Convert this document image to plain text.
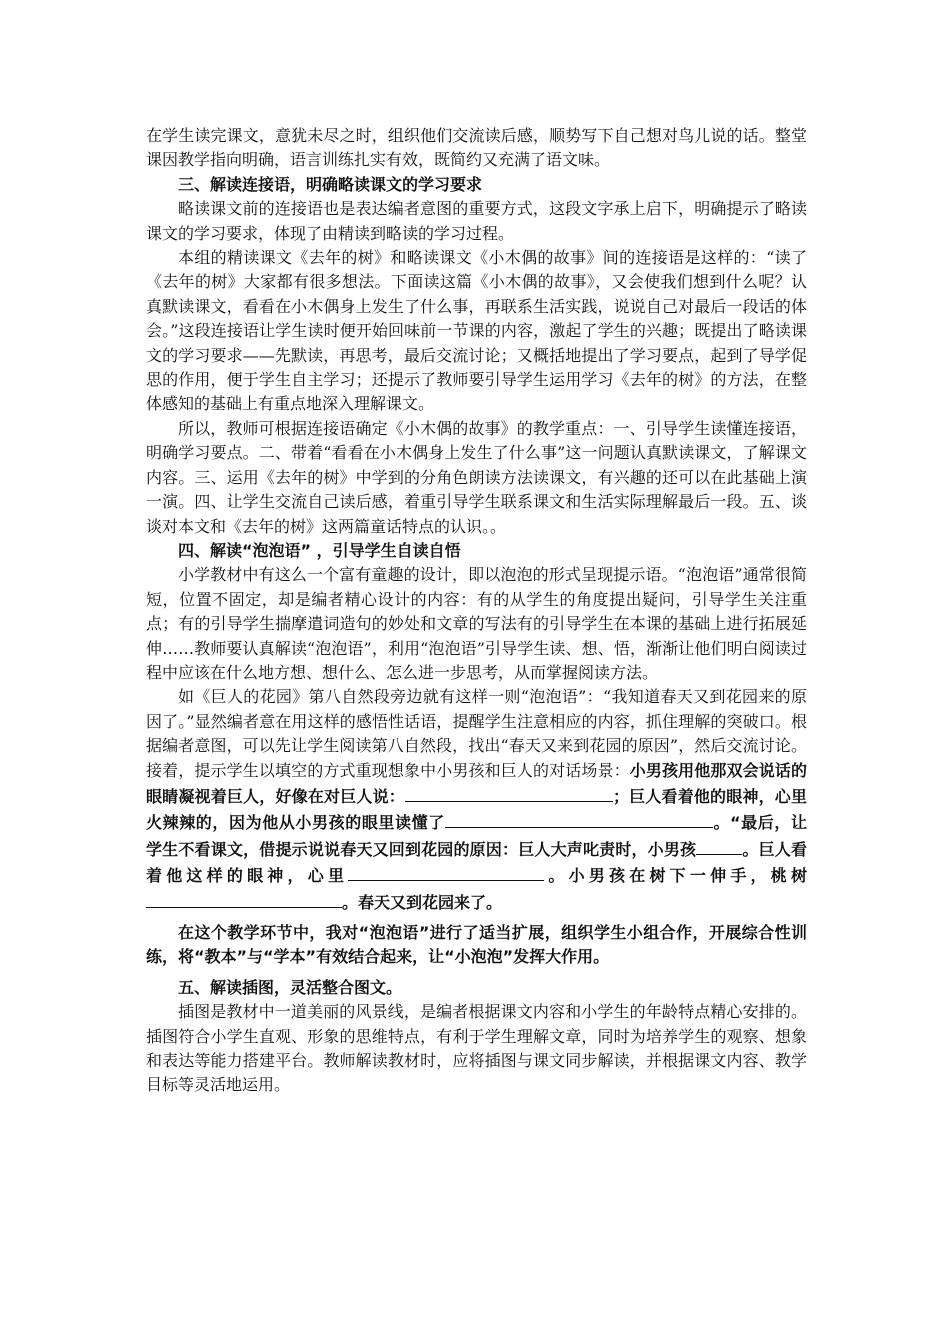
在学生读完课文，意犹未尽之时，组织他们交流读后感，顺势写下自己想对鸟儿说的话。整堂课因教学指向明确，语言训练扎实有效，既简约又充满了语文味。

三、解读连接语，明确略读课文的学习要求

略读课文前的连接语也是表达编者意图的重要方式，这段文字承上启下，明确提示了略读课文的学习要求，体现了由精读到略读的学习过程。

本组的精读课文《去年的树》和略读课文《小木偶的故事》间的连接语是这样的：“读了《去年的树》大家都有很多想法。下面读这篇《小木偶的故事》，又会使我们想到什么呢？认真默读课文，看看在小木偶身上发生了什么事，再联系生活实践，说说自己对最后一段话的体会。”这段连接语让学生读时便开始回味前一节课的内容，激起了学生的兴趣；既提出了略读课文的学习要求——先默读，再思考，最后交流讨论；又概括地提出了学习要点，起到了导学促思的作用，便于学生自主学习；还提示了教师要引导学生运用学习《去年的树》的方法，在整体感知的基础上有重点地深入理解课文。

所以，教师可根据连接语确定《小木偶的故事》的教学重点：一、引导学生读懂连接语，明确学习要点。二、带着“看看在小木偶身上发生了什么事”这一问题认真默读课文，了解课文内容。三、运用《去年的树》中学到的分角色朗读方法读课文，有兴趣的还可以在此基础上演一演。四、让学生交流自己读后感，着重引导学生联系课文和生活实际理解最后一段。五、谈谈对本文和《去年的树》这两篇童话特点的认识。。

四、解读“泡泡语” ，引导学生自读自悟

小学教材中有这么一个富有童趣的设计，即以泡泡的形式呈现提示语。“泡泡语”通常很简短，位置不固定，却是编者精心设计的内容：有的从学生的角度提出疑问，引导学生关注重点；有的引导学生揣摩遣词造句的妙处和文章的写法有的引导学生在本课的基础上进行拓展延伸……教师要认真解读“泡泡语”，利用“泡泡语”引导学生读、想、悟，渐渐让他们明白阅读过程中应该在什么地方想、想什么、怎么进一步思考，从而掌握阅读方法。

如《巨人的花园》第八自然段旁边就有这样一则“泡泡语”：“我知道春天又到花园来的原因了。”显然编者意在用这样的感悟性话语，提醒学生注意相应的内容，抓住理解的突破口。根据编者意图，可以先让学生阅读第八自然段，找出“春天又来到花园的原因”，然后交流讨论。接着，提示学生以填空的方式重现想象中小男孩和巨人的对话场景：小男孩用他那双会说话的眼睛凝视着巨人，好像在对巨人说：	；巨人看着他的眼神，心里火辣辣的，因为他从小男孩的眼里读懂了	。“最后，让学生不看课文，借提示说说春天又回到花园的原因：巨人大声叱责时，小男孩	。巨人看着他这样的眼神，心里	。小男孩在树下一伸手，桃树。春天又到花园来了。

在这个教学环节中，我对“泡泡语”进行了适当扩展，组织学生小组合作，开展综合性训练，将“教本”与“学本”有效结合起来，让“小泡泡”发挥大作用。

五、解读插图，灵活整合图文。

插图是教材中一道美丽的风景线，是编者根据课文内容和小学生的年龄特点精心安排的。插图符合小学生直观、形象的思维特点，有利于学生理解文章，同时为培养学生的观察、想象和表达等能力搭建平台。教师解读教材时，应将插图与课文同步解读，并根据课文内容、教学目标等灵活地运用。
